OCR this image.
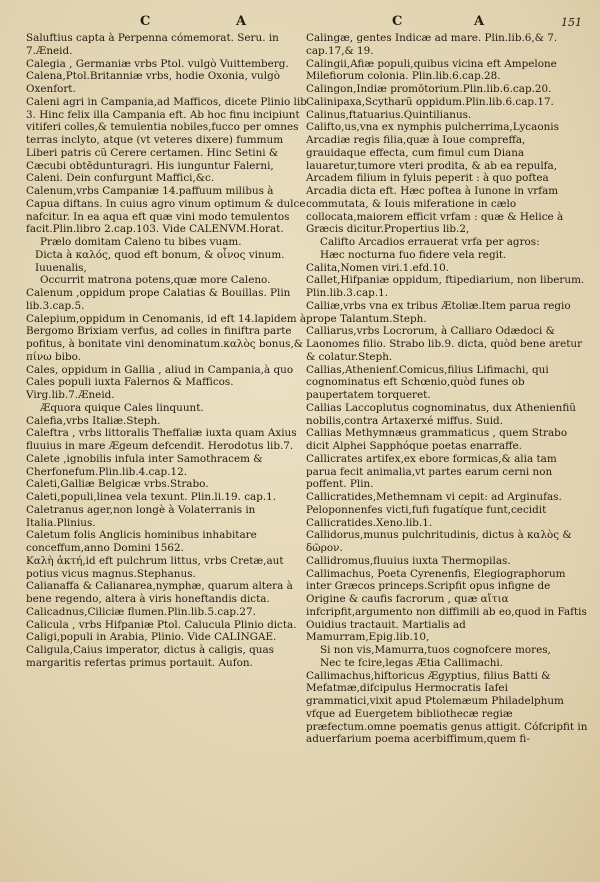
C	A	C	A	151
Saluftius capta à Perpenna cómemorat. Seru. in 7.Æneid.
Calegia , Germaniæ vrbs Ptol. vulgò Vuittemberg.
Calena,Ptol.Britanniæ vrbs, hodie Oxonia, vulgò Oxenfort.
Caleni agri in Campania,ad Mafficos, dicete Plinio lib 3. Hinc felix illa Campania eft. Ab hoc finu incipiunt vitiferi colles,& temulentia nobiles,fucco per omnes terras inclyto, atque (vt veteres dixere) fummum Liberi patris cũ Cerere certamen. Hinc Setini & Cæcubi obtēdunturagri. His iunguntur Falerni, Caleni. Dein confurgunt Maffici,&c.
Calenum,vrbs Campaniæ 14.paffuum milibus à Capua diftans. In cuius agro vinum optimum & dulce nafcitur. In ea aqua eft quæ vini modo temulentos facit.Plin.libro 2.cap.103. Vide CALENVM.Horat.
Prælo domitam Caleno tu bibes vuam.
Dicta à καλός, quod eft bonum, & οἶνος vinum. Iuuenalis,
Occurrit matrona potens,quæ more Caleno.
Calenum ,oppidum prope Calatias & Bouillas. Plin lib.3.cap.5.
Calepium,oppidum in Cenomanis, id eft 14.lapidem à Bergomo Brixiam verfus, ad colles in finiftra parte pofitus, à bonitate vini denominatum.καλὸς bonus,& πίνω bibo.
Cales, oppidum in Gallia , aliud in Campania,à quo Cales populi iuxta Falernos & Mafficos. Virg.lib.7.Æneid.
Æquora quique Cales linquunt.
Calefia,vrbs Italiæ.Steph.
Caleftra , vrbs littoralis Theffaliæ iuxta quam Axius fluuius in mare Ægeum defcendit. Herodotus lib.7.
Calete ,ignobilis infula inter Samothracem & Cherfonefum.Plin.lib.4.cap.12.
Caleti,Galliæ Belgicæ vrbs.Strabo.
Caleti,populi,linea vela texunt. Plin.li.19. cap.1.
Caletranus ager,non longè à Volaterranis in Italia.Plinius.
Caletum folis Anglicis hominibus inhabitare conceffum,anno Domini 1562.
Καλὴ ἀκτή,id eft pulchrum littus, vrbs Cretæ,aut potius vicus magnus.Stephanus.
Calianaffa & Calianarea,nymphæ, quarum altera à bene regendo, altera à viris honeftandis dicta.
Calicadnus,Ciliciæ flumen.Plin.lib.5.cap.27.
Calicula , vrbs Hifpaniæ Ptol. Calucula Plinio dicta.
Caligi,populi in Arabia, Plinio. Vide CALINGAE.
Caligula,Caius imperator, dictus à caligis, quas margaritis refertas primus portauit. Aufon.
Calingæ, gentes Indicæ ad mare. Plin.lib.6,& 7. cap.17,& 19.
Calingii,Afiæ populi,quibus vicina eft Ampelone Milefiorum colonia. Plin.lib.6.cap.28.
Calingon,Indiæ promōtorium.Plin.lib.6.cap.20.
Calinipaxa,Scytharũ oppidum.Plin.lib.6.cap.17.
Calinus,ftatuarius.Quintilianus.
Califto,us,vna ex nymphis pulcherrima,Lycaonis Arcadiæ regis filia,quæ à Ioue compreffa, grauidaque effecta, cum fimul cum Diana lauaretur,tumore vteri prodita, & ab ea repulfa, Arcadem filium in fyluis peperit : à quo poftea Arcadia dicta eft. Hæc poftea à Iunone in vrfam commutata, & Iouis miferatione in cælo collocata,maiorem efficit vrfam : quæ & Helice à Græcis dicitur.Propertius lib.2,
Califto Arcadios errauerat vrfa per agros:
Hæc nocturna fuo fidere vela regit.
Calita,Nomen viri.1.efd.10.
Callet,Hifpaniæ oppidum, ftipediarium, non liberum. Plin.lib.3.cap.1.
Calliæ,vrbs vna ex tribus Ætoliæ.Item parua regio prope Talantum.Steph.
Calliarus,vrbs Locrorum, à Calliaro Odædoci & Laonomes filio. Strabo lib.9. dicta, quòd bene aretur & colatur.Steph.
Callias,Athenienf.Comicus,filius Lifimachi, qui cognominatus eft Schœnio,quòd funes ob paupertatem torqueret.
Callias Laccoplutus cognominatus, dux Athenienfiũ nobilis,contra Artaxerxé miffus. Suid.
Callias Methymnæus grammaticus , quem Strabo dicit Alphei Sapphóque poetas enarraffe.
Callicrates artifex,ex ebore formicas,& alia tam parua fecit animalia,vt partes earum cerni non poffent. Plin.
Callicratides,Methemnam vi cepit: ad Arginufas. Peloponnenfes victi,fufi fugatíque funt,cecidit Callicratides.Xeno.lib.1.
Callidorus,munus pulchritudinis, dictus à καλὸς & δῶρον.
Callidromus,fluuius iuxta Thermopilas.
Callimachus, Poeta Cyrenenfis, Elegiographorum inter Græcos princeps.Scripfit opus infigne de Origine & caufis facrorum , quæ αἴτια infcripfit,argumento non diffimili ab eo,quod in Faftis Ouidius tractauit. Martialis ad Mamurram,Epig.lib.10,
Si non vis,Mamurra,tuos cognofcere mores,
Nec te fcire,legas Ætia Callimachi.
Callimachus,hiftoricus Ægyptius, filius Batti & Mefatmæ,difcipulus Hermocratis Iafei grammatici,vixit apud Ptolemæum Philadelphum vfque ad Euergetem bibliothecæ regiæ præfectum.omne poematis genus attigit. Cófcripfit in aduerfarium poema acerbiffimum,quem fi-
